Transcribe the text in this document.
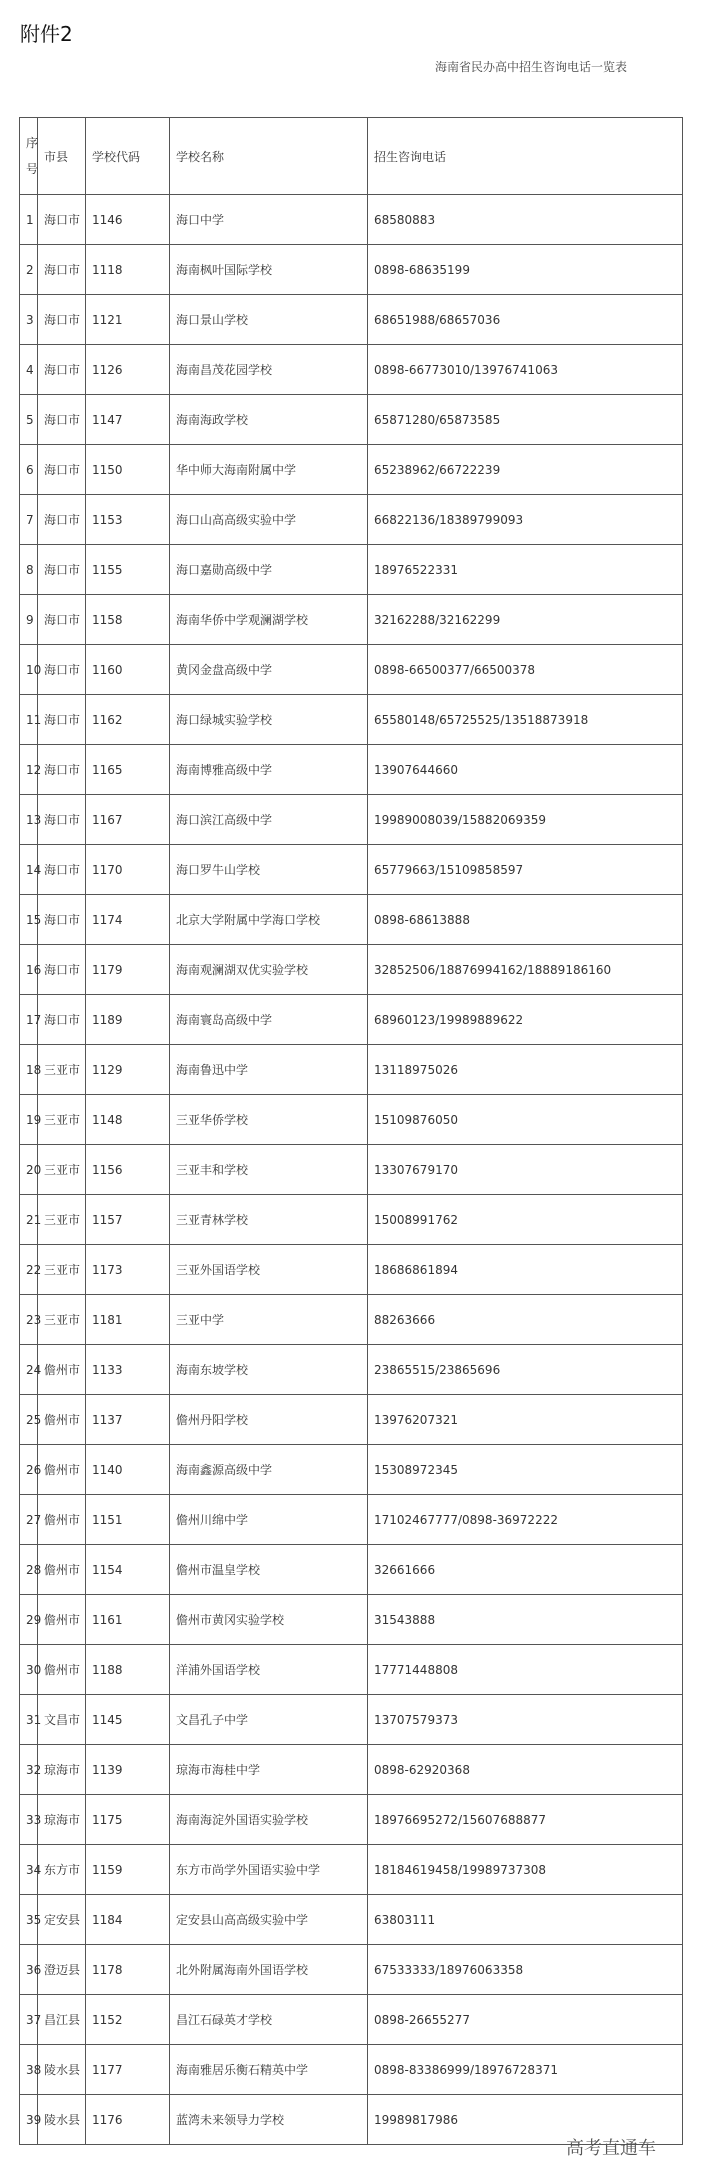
附件2
海南省民办高中招生咨询电话一览表
序号	市县	学校代码	学校名称	招生咨询电话
1	海口市	1146	海口中学	68580883
2	海口市	1118	海南枫叶国际学校	0898-68635199
3	海口市	1121	海口景山学校	68651988/68657036
4	海口市	1126	海南昌茂花园学校	0898-66773010/13976741063
5	海口市	1147	海南海政学校	65871280/65873585
6	海口市	1150	华中师大海南附属中学	65238962/66722239
7	海口市	1153	海口山高高级实验中学	66822136/18389799093
8	海口市	1155	海口嘉勋高级中学	18976522331
9	海口市	1158	海南华侨中学观澜湖学校	32162288/32162299
10	海口市	1160	黄冈金盘高级中学	0898-66500377/66500378
11	海口市	1162	海口绿城实验学校	65580148/65725525/13518873918
12	海口市	1165	海南博雅高级中学	13907644660
13	海口市	1167	海口滨江高级中学	19989008039/15882069359
14	海口市	1170	海口罗牛山学校	65779663/15109858597
15	海口市	1174	北京大学附属中学海口学校	0898-68613888
16	海口市	1179	海南观澜湖双优实验学校	32852506/18876994162/18889186160
17	海口市	1189	海南寰岛高级中学	68960123/19989889622
18	三亚市	1129	海南鲁迅中学	13118975026
19	三亚市	1148	三亚华侨学校	15109876050
20	三亚市	1156	三亚丰和学校	13307679170
21	三亚市	1157	三亚青林学校	15008991762
22	三亚市	1173	三亚外国语学校	18686861894
23	三亚市	1181	三亚中学	88263666
24	儋州市	1133	海南东坡学校	23865515/23865696
25	儋州市	1137	儋州丹阳学校	13976207321
26	儋州市	1140	海南鑫源高级中学	15308972345
27	儋州市	1151	儋州川绵中学	17102467777/0898-36972222
28	儋州市	1154	儋州市温皇学校	32661666
29	儋州市	1161	儋州市黄冈实验学校	31543888
30	儋州市	1188	洋浦外国语学校	17771448808
31	文昌市	1145	文昌孔子中学	13707579373
32	琼海市	1139	琼海市海桂中学	0898-62920368
33	琼海市	1175	海南海淀外国语实验学校	18976695272/15607688877
34	东方市	1159	东方市尚学外国语实验中学	18184619458/19989737308
35	定安县	1184	定安县山高高级实验中学	63803111
36	澄迈县	1178	北外附属海南外国语学校	67533333/18976063358
37	昌江县	1152	昌江石碌英才学校	0898-26655277
38	陵水县	1177	海南雅居乐衡石精英中学	0898-83386999/18976728371
39	陵水县	1176	蓝湾未来领导力学校	19989817986
高考直通车
